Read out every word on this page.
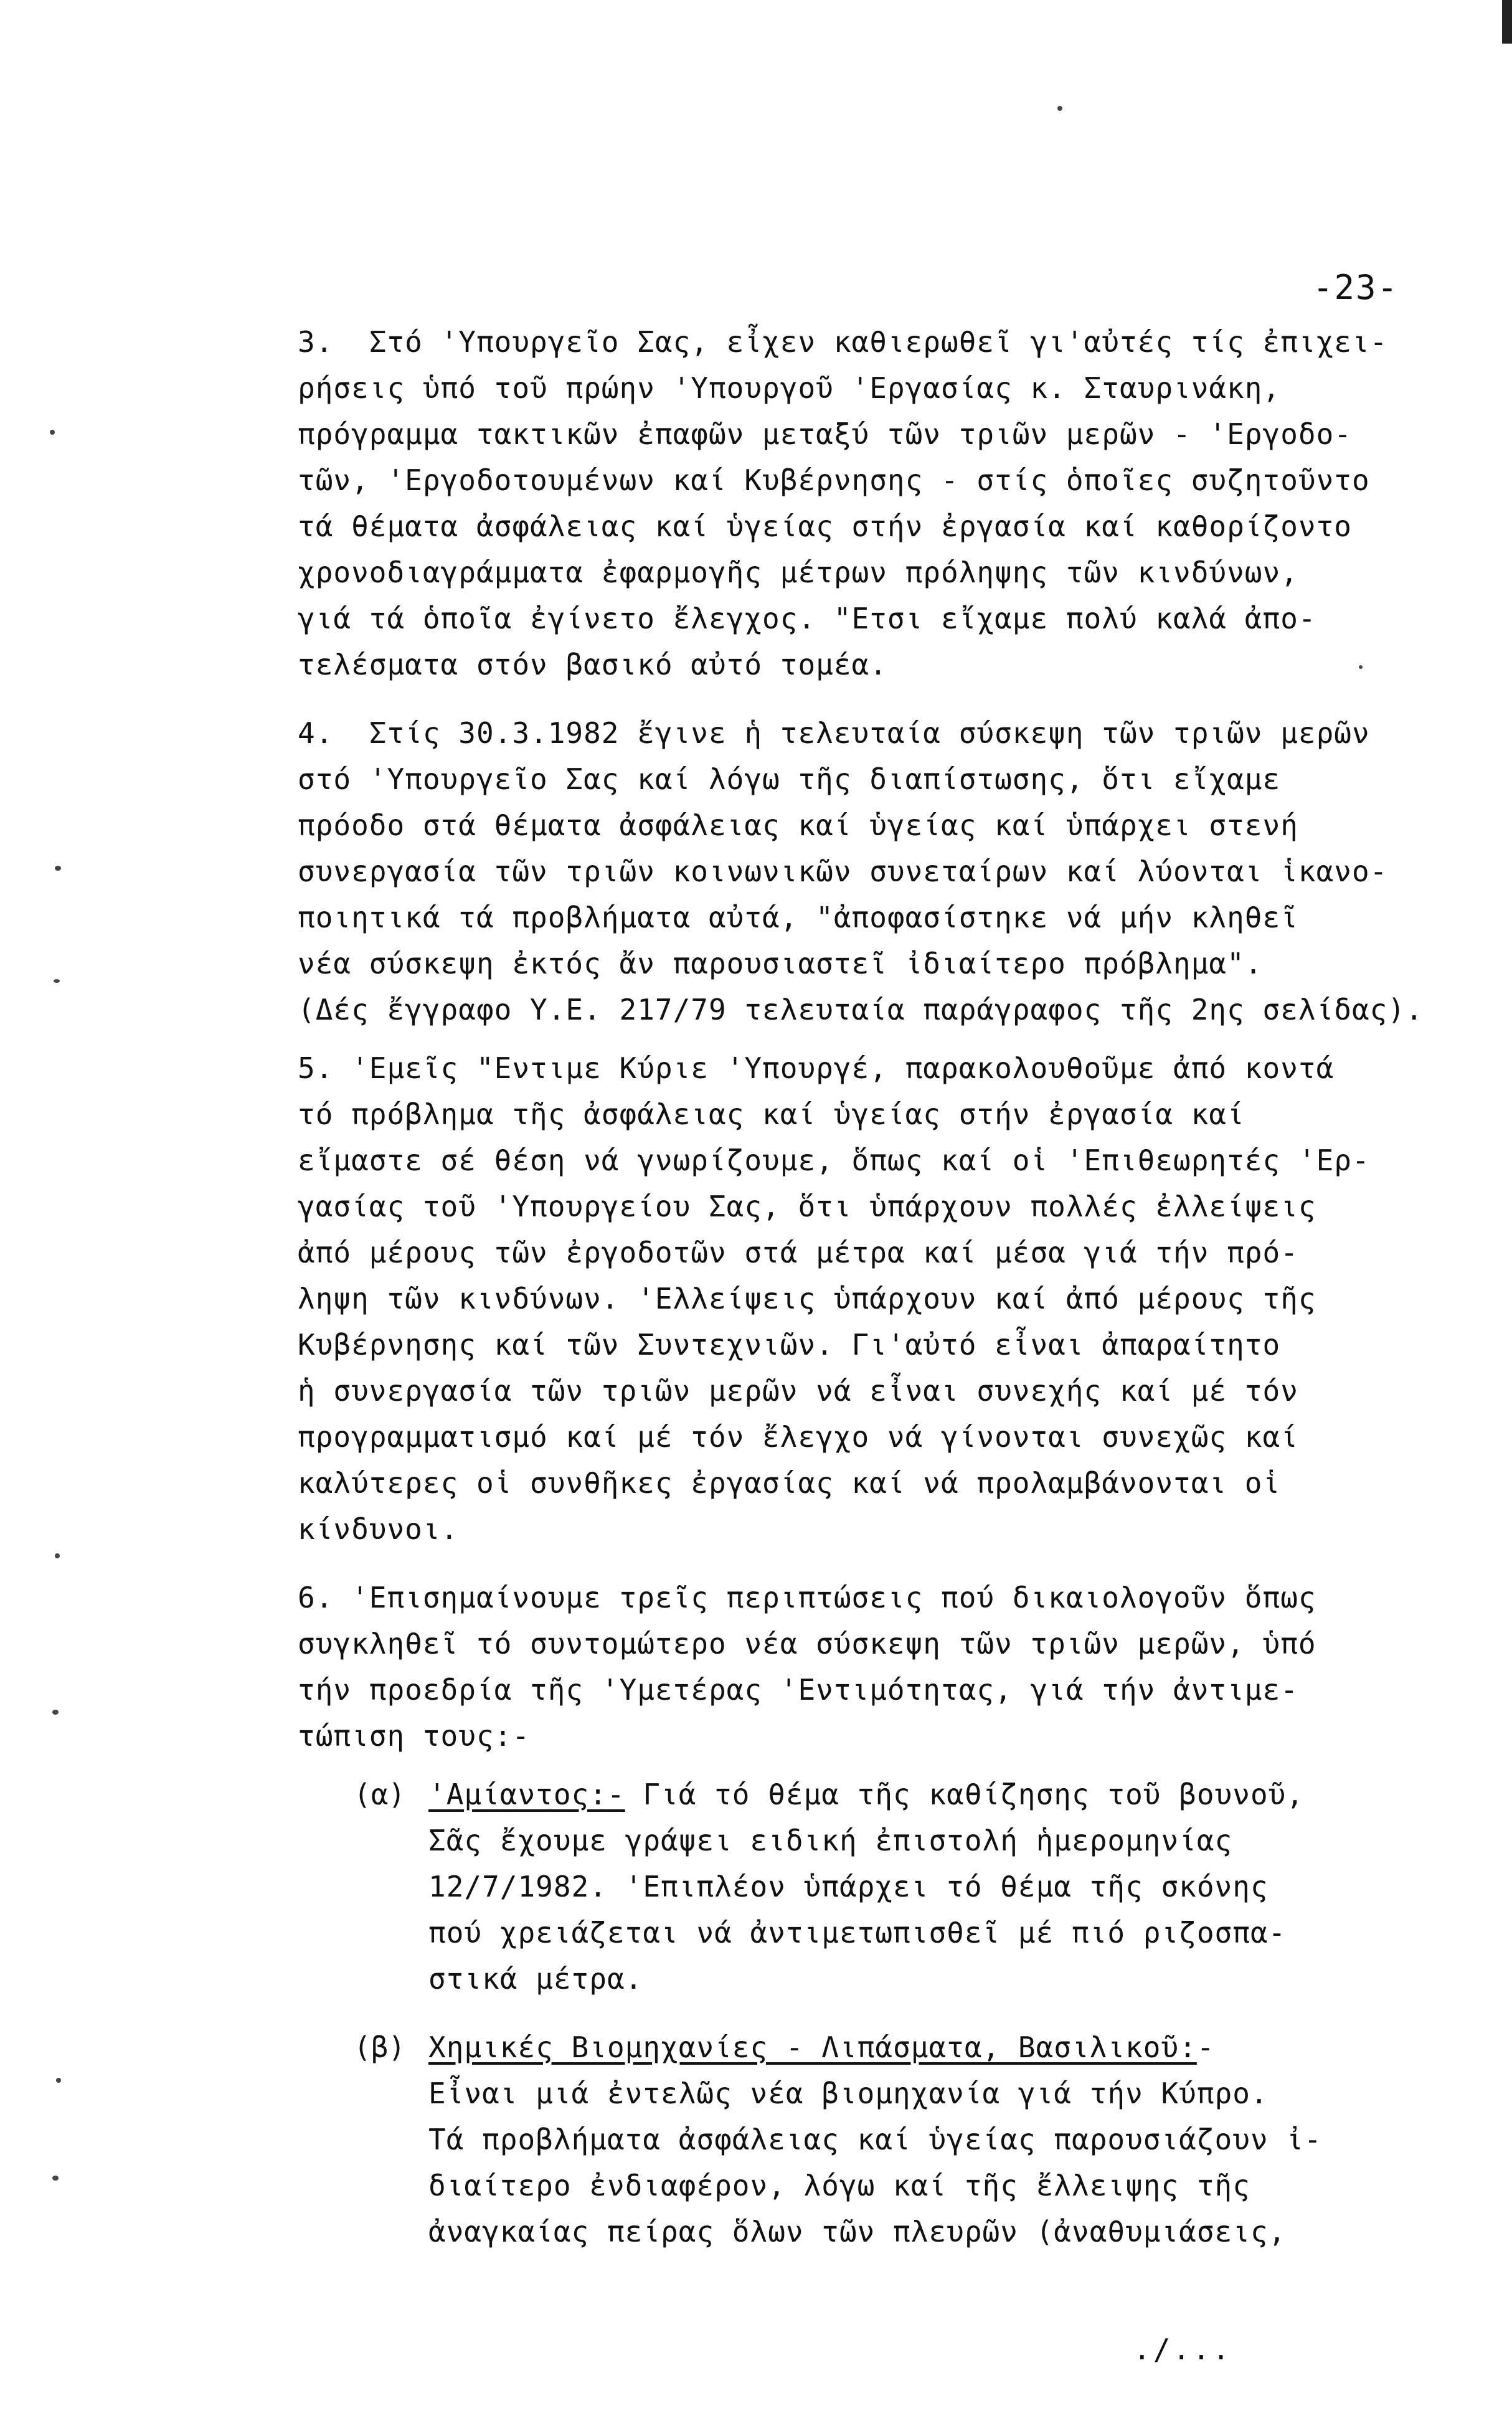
-23-
3.  Στό 'Υπουργεῖο Σας, εἶχεν καθιερωθεῖ γι'αὐτές τίς ἐπιχει-
ρήσεις ὑπό τοῦ πρώην 'Υπουργοῦ 'Εργασίας κ. Σταυρινάκη,
πρόγραμμα τακτικῶν ἐπαφῶν μεταξύ τῶν τριῶν μερῶν - 'Εργοδο-
τῶν, 'Εργοδοτουμένων καί Κυβέρνησης - στίς ὁποῖες συζητοῦντο
τά θέματα ἀσφάλειας καί ὑγείας στήν ἐργασία καί καθορίζοντο
χρονοδιαγράμματα ἐφαρμογῆς μέτρων πρόληψης τῶν κινδύνων,
γιά τά ὁποῖα ἐγίνετο ἔλεγχος. "Ετσι εἴχαμε πολύ καλά ἀπο-
τελέσματα στόν βασικό αὐτό τομέα.
4.  Στίς 30.3.1982 ἔγινε ἡ τελευταία σύσκεψη τῶν τριῶν μερῶν
στό 'Υπουργεῖο Σας καί λόγω τῆς διαπίστωσης, ὅτι εἴχαμε
πρόοδο στά θέματα ἀσφάλειας καί ὑγείας καί ὑπάρχει στενή
συνεργασία τῶν τριῶν κοινωνικῶν συνεταίρων καί λύονται ἱκανο-
ποιητικά τά προβλήματα αὐτά, "ἀποφασίστηκε νά μήν κληθεῖ
νέα σύσκεψη ἐκτός ἄν παρουσιαστεῖ ἰδιαίτερο πρόβλημα".
(Δές ἔγγραφο Υ.Ε. 217/79 τελευταία παράγραφος τῆς 2ης σελίδας).
5. 'Εμεῖς "Εντιμε Κύριε 'Υπουργέ, παρακολουθοῦμε ἀπό κοντά
τό πρόβλημα τῆς ἀσφάλειας καί ὑγείας στήν ἐργασία καί
εἴμαστε σέ θέση νά γνωρίζουμε, ὅπως καί οἱ 'Επιθεωρητές 'Ερ-
γασίας τοῦ 'Υπουργείου Σας, ὅτι ὑπάρχουν πολλές ἐλλείψεις
ἀπό μέρους τῶν ἐργοδοτῶν στά μέτρα καί μέσα γιά τήν πρό-
ληψη τῶν κινδύνων. 'Ελλείψεις ὑπάρχουν καί ἀπό μέρους τῆς
Κυβέρνησης καί τῶν Συντεχνιῶν. Γι'αὐτό εἶναι ἀπαραίτητο
ἡ συνεργασία τῶν τριῶν μερῶν νά εἶναι συνεχής καί μέ τόν
προγραμματισμό καί μέ τόν ἔλεγχο νά γίνονται συνεχῶς καί
καλύτερες οἱ συνθῆκες ἐργασίας καί νά προλαμβάνονται οἱ
κίνδυνοι.
6. 'Επισημαίνουμε τρεῖς περιπτώσεις πού δικαιολογοῦν ὅπως
συγκληθεῖ τό συντομώτερο νέα σύσκεψη τῶν τριῶν μερῶν, ὑπό
τήν προεδρία τῆς 'Υμετέρας 'Εντιμότητας, γιά τήν ἀντιμε-
τώπιση τους:-
(α) 'Αμίαντος:- Γιά τό θέμα τῆς καθίζησης τοῦ βουνοῦ,
Σᾶς ἔχουμε γράψει ειδική ἐπιστολή ἡμερομηνίας
12/7/1982. 'Επιπλέον ὑπάρχει τό θέμα τῆς σκόνης
πού χρειάζεται νά ἀντιμετωπισθεῖ μέ πιό ριζοσπα-
στικά μέτρα.
(β) Χημικές Βιομηχανίες - Λιπάσματα, Βασιλικοῦ:-
Εἶναι μιά ἐντελῶς νέα βιομηχανία γιά τήν Κύπρο.
Τά προβλήματα ἀσφάλειας καί ὑγείας παρουσιάζουν ἰ-
διαίτερο ἐνδιαφέρον, λόγω καί τῆς ἔλλειψης τῆς
ἀναγκαίας πείρας ὅλων τῶν πλευρῶν (ἀναθυμιάσεις,
./...
